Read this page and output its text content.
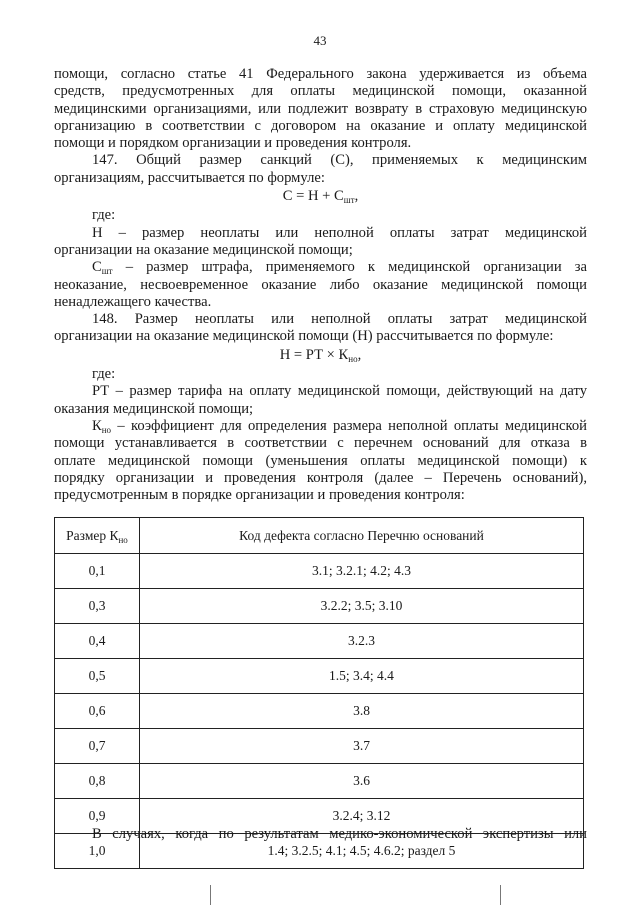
43

помощи, согласно статье 41 Федерального закона удерживается из объема

средств, предусмотренных для оплаты медицинской помощи, оказанной

медицинскими организациями, или подлежит возврату в страховую медицинскую

организацию в соответствии с договором на оказание и оплату медицинской

помощи и порядком организации и проведения контроля.

147. Общий размер санкций (С), применяемых к медицинским

организациям, рассчитывается по формуле:

$С = Н + С_{шт}$,

где:

Н – размер неоплаты или неполной оплаты затрат медицинской

организации на оказание медицинской помощи;

$С_{шт}$ – размер штрафа, применяемого к медицинской организации за

неоказание, несвоевременное оказание либо оказание медицинской помощи

ненадлежащего качества.

148. Размер неоплаты или неполной оплаты затрат медицинской

организации на оказание медицинской помощи (Н) рассчитывается по формуле:

Н = РТ × $К_{но}$,

где:

РТ – размер тарифа на оплату медицинской помощи, действующий на дату

оказания медицинской помощи;

$К_{но}$ – коэффициент для определения размера неполной оплаты медицинской

помощи устанавливается в соответствии с перечнем оснований для отказа в

оплате медицинской помощи (уменьшения оплаты медицинской помощи) к

порядку организации и проведения контроля (далее – Перечень оснований),

предусмотренным в порядке организации и проведения контроля:

Размер $К_{но}$	Код дефекта согласно Перечню оснований
0,1	3.1; 3.2.1; 4.2; 4.3
0,3	3.2.2; 3.5; 3.10
0,4	3.2.3
0,5	1.5; 3.4; 4.4
0,6	3.8
0,7	3.7
0,8	3.6
0,9	3.2.4; 3.12
1,0	1.4; 3.2.5; 4.1; 4.5; 4.6.2; раздел 5

В случаях, когда по результатам медико-экономической экспертизы или
